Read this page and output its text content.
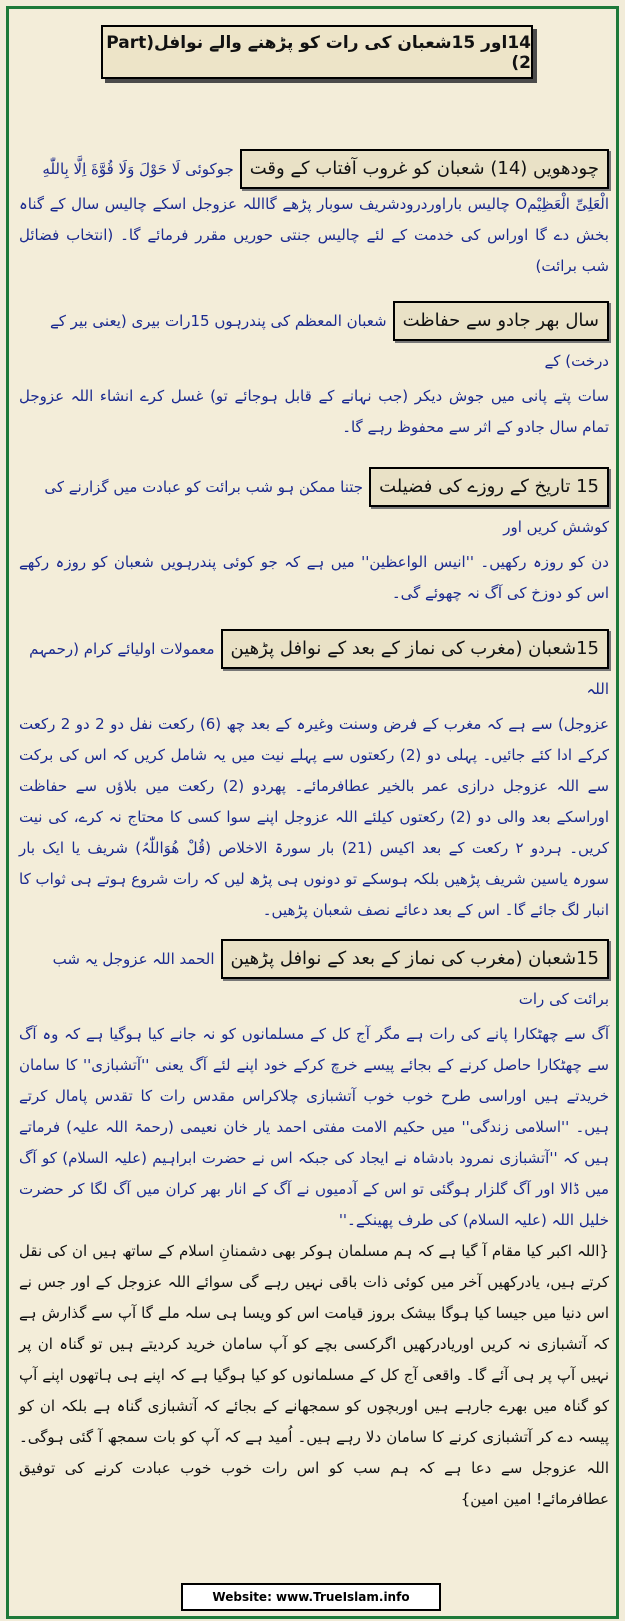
14اور 15شعبان کی رات کو پڑھنے والے نوافل(Part 2)
چودھویں (14) شعبان کو غروب آفتاب کے وقت
جوکوئی لَا حَوْلَ وَلَا قُوَّةَ اِلَّا بِاللّٰهِ
الْعَلِیِّ الْعَظِیْمO چالیس باراوردرودشریف سوبار پڑھے گااللہ عزوجل اسکے چالیس سال کے گناہ بخش دے گا اوراس کی خدمت کے لئے چالیس جنتی حوریں مقرر فرمائے گا۔ (انتخاب فضائل شب برائت)
سال بھر جادو سے حفاظت
شعبان المعظم کی پندرہوں 15رات بیری (یعنی بیر کے درخت) کے
سات پتے پانی میں جوش دیکر (جب نہانے کے قابل ہوجائے تو) غسل کرے انشاء اللہ عزوجل تمام سال جادو کے اثر سے محفوظ رہے گا۔
15 تاریخ کے روزے کی فضیلت
جتنا ممکن ہو شب برائت کو عبادت میں گزارنے کی کوشش کریں اور
دن کو روزہ رکھیں۔ ''انیس الواعظین'' میں ہے کہ جو کوئی پندرہویں شعبان کو روزہ رکھے اس کو دوزخ کی آگ نہ چھوئے گی۔
15شعبان (مغرب کی نماز کے بعد کے نوافل پڑھین
معمولات اولیائے کرام (رحمہم اللہ
عزوجل) سے ہے کہ مغرب کے فرض وسنت وغیرہ کے بعد چھ (6) رکعت نفل دو 2 دو 2 رکعت کرکے ادا کئے جائیں۔ پہلی دو (2) رکعتوں سے پہلے نیت میں یہ شامل کریں کہ اس کی برکت سے اللہ عزوجل درازی عمر بالخیر عطافرمائے۔ پھردو (2) رکعت میں بلاؤں سے حفاظت اوراسکے بعد والی دو (2) رکعتوں کیلئے اللہ عزوجل اپنے سوا کسی کا محتاج نہ کرے، کی نیت کریں۔ ہردو ۲ رکعت کے بعد اکیس (21) بار سورۃ الاخلاص (قُلْ ھُوَاللّٰہُ) شریف یا ایک بار سورہ یاسین شریف پڑھیں بلکہ ہوسکے تو دونوں ہی پڑھ لیں کہ رات شروع ہوتے ہی ثواب کا انبار لگ جائے گا۔ اس کے بعد دعائے نصف شعبان پڑھیں۔
15شعبان (مغرب کی نماز کے بعد کے نوافل پڑھین
الحمد اللہ عزوجل یہ شب برائت کی رات
آگ سے چھٹکارا پانے کی رات ہے مگر آج کل کے مسلمانوں کو نہ جانے کیا ہوگیا ہے کہ وہ آگ سے چھٹکارا حاصل کرنے کے بجائے پیسے خرچ کرکے خود اپنے لئے آگ یعنی ''آتشبازی'' کا سامان خریدتے ہیں اوراسی طرح خوب خوب آتشبازی چلاکراس مقدس رات کا تقدس پامال کرتے ہیں۔ ''اسلامی زندگی'' میں حکیم الامت مفتی احمد یار خان نعیمی (رحمۃ اللہ علیہ) فرماتے ہیں کہ ''آتشبازی نمرود بادشاہ نے ایجاد کی جبکہ اس نے حضرت ابراہیم (علیہ السلام) کو آگ میں ڈالا اور آگ گلزار ہوگئی تو اس کے آدمیوں نے آگ کے انار بھر کران میں آگ لگا کر حضرت خلیل اللہ (علیہ السلام) کی طرف پھینکے۔''
{اللہ اکبر کیا مقام آ گیا ہے کہ ہم مسلمان ہوکر بھی دشمنانِ اسلام کے ساتھ ہیں ان کی نقل کرتے ہیں، یادرکھیں آخر میں کوئی ذات باقی نہیں رہے گی سوائے اللہ عزوجل کے اور جس نے اس دنیا میں جیسا کیا ہوگا بیشک بروز قیامت اس کو ویسا ہی سلہ ملے گا آپ سے گذارش ہے کہ آتشبازی نہ کریں اوریادرکھیں اگرکسی بچے کو آپ سامان خرید کردیتے ہیں تو گناہ ان پر نہیں آپ پر ہی آئے گا۔ واقعی آج کل کے مسلمانوں کو کیا ہوگیا ہے کہ اپنے ہی ہاتھوں اپنے آپ کو گناہ میں بھرے جارہے ہیں اوربچوں کو سمجھانے کے بجائے کہ آتشبازی گناہ ہے بلکہ ان کو پیسہ دے کر آتشبازی کرنے کا سامان دلا رہے ہیں۔ اُمید ہے کہ آپ کو بات سمجھ آ گئی ہوگی۔ اللہ عزوجل سے دعا ہے کہ ہم سب کو اس رات خوب خوب عبادت کرنے کی توفیق عطافرمائے! امین امین}
Website: www.TrueIslam.info
